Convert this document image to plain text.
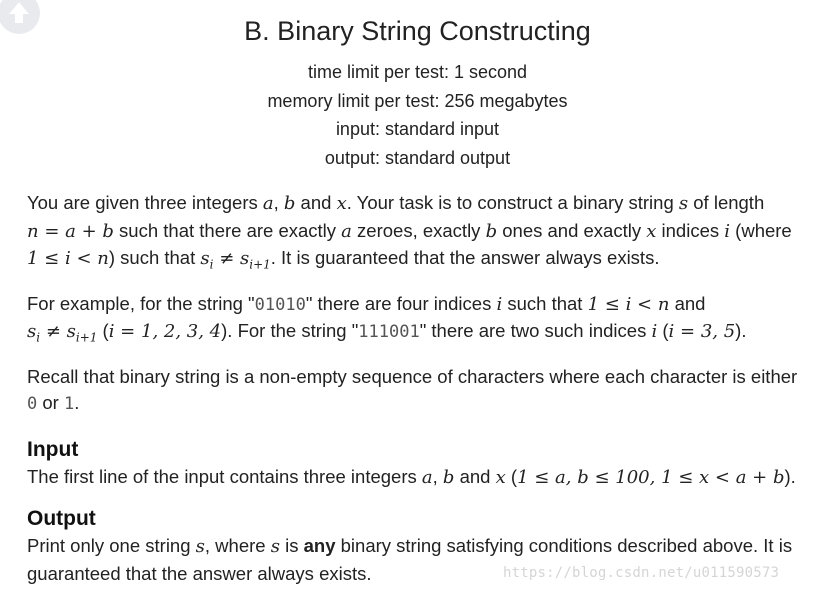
B. Binary String Constructing
time limit per test: 1 second
memory limit per test: 256 megabytes
input: standard input
output: standard output

You are given three integers a, b and x. Your task is to construct a binary string s of length
n = a + b such that there are exactly a zeroes, exactly b ones and exactly x indices i (where
1 ≤ i < n) such that $s_i \ne s_{i+1}$. It is guaranteed that the answer always exists.

For example, for the string "01010" there are four indices i such that 1 ≤ i < n and
$s_i \ne s_{i+1}$ (i = 1, 2, 3, 4). For the string "111001" there are two such indices i (i = 3, 5).

Recall that binary string is a non-empty sequence of characters where each character is either
0 or 1.

Input

The first line of the input contains three integers a, b and x (1 ≤ a, b ≤ 100, 1 ≤ x < a + b).

Output

Print only one string s, where s is any binary string satisfying conditions described above. It is
guaranteed that the answer always exists.	https://blog.csdn.net/u011590573
